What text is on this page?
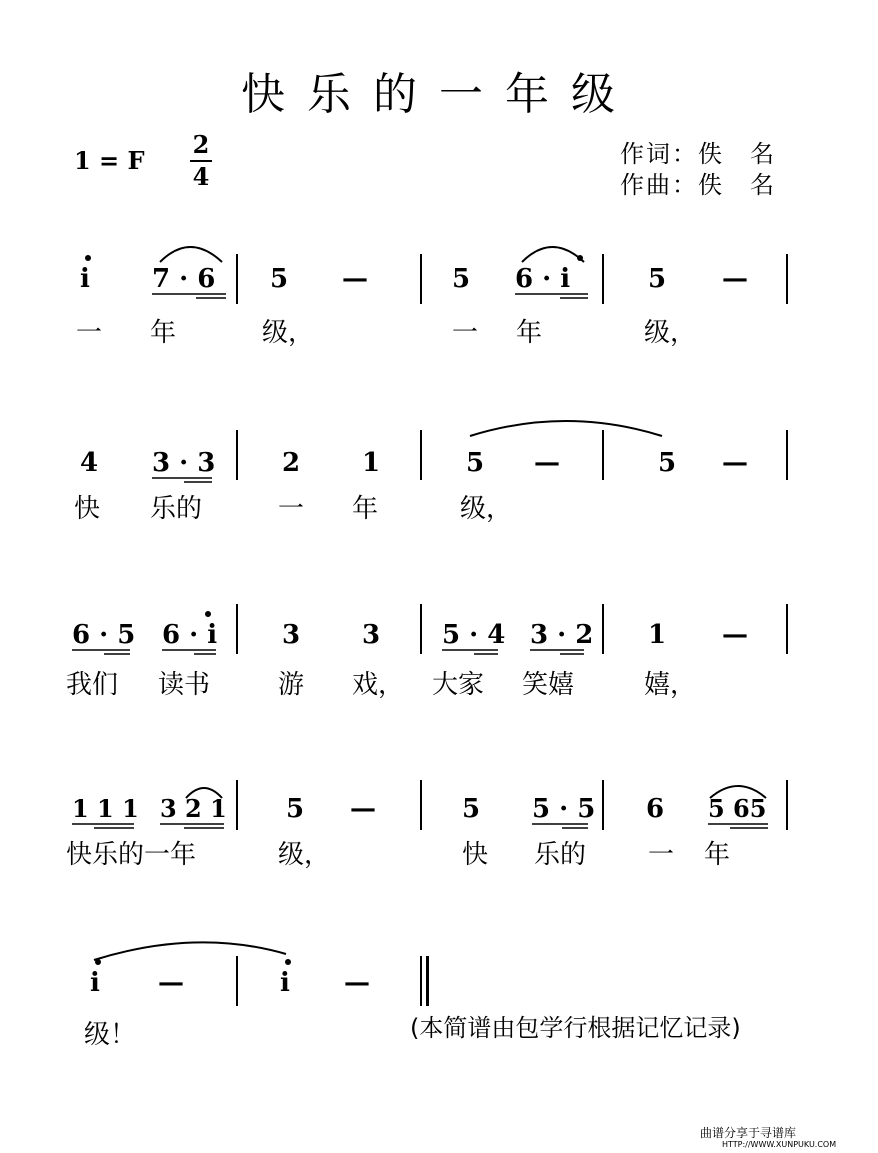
快乐的一年级
1 = F
2
4
作词：佚　名
作曲：佚　名
i 7 · 6 5 —	5 6 · i	5 —
一 年	级，	一 年	级，
4 3 · 3	2 1	5 —	5 —
快 乐的	一 年	级，
6 · 5 6 · i 3 3 5 · 4 3 · 2 1 —
我们 读书	游 戏， 大家 笑嬉	嬉，
1 1 1 3 2 1 5 —	5 5 · 5 6 5 65
快乐的一年	级，	快 乐的 一 年
i —	i —
级！	(本简谱由包学行根据记忆记录)
曲谱分享于寻谱库
HTTP://WWW.XUNPUKU.COM
